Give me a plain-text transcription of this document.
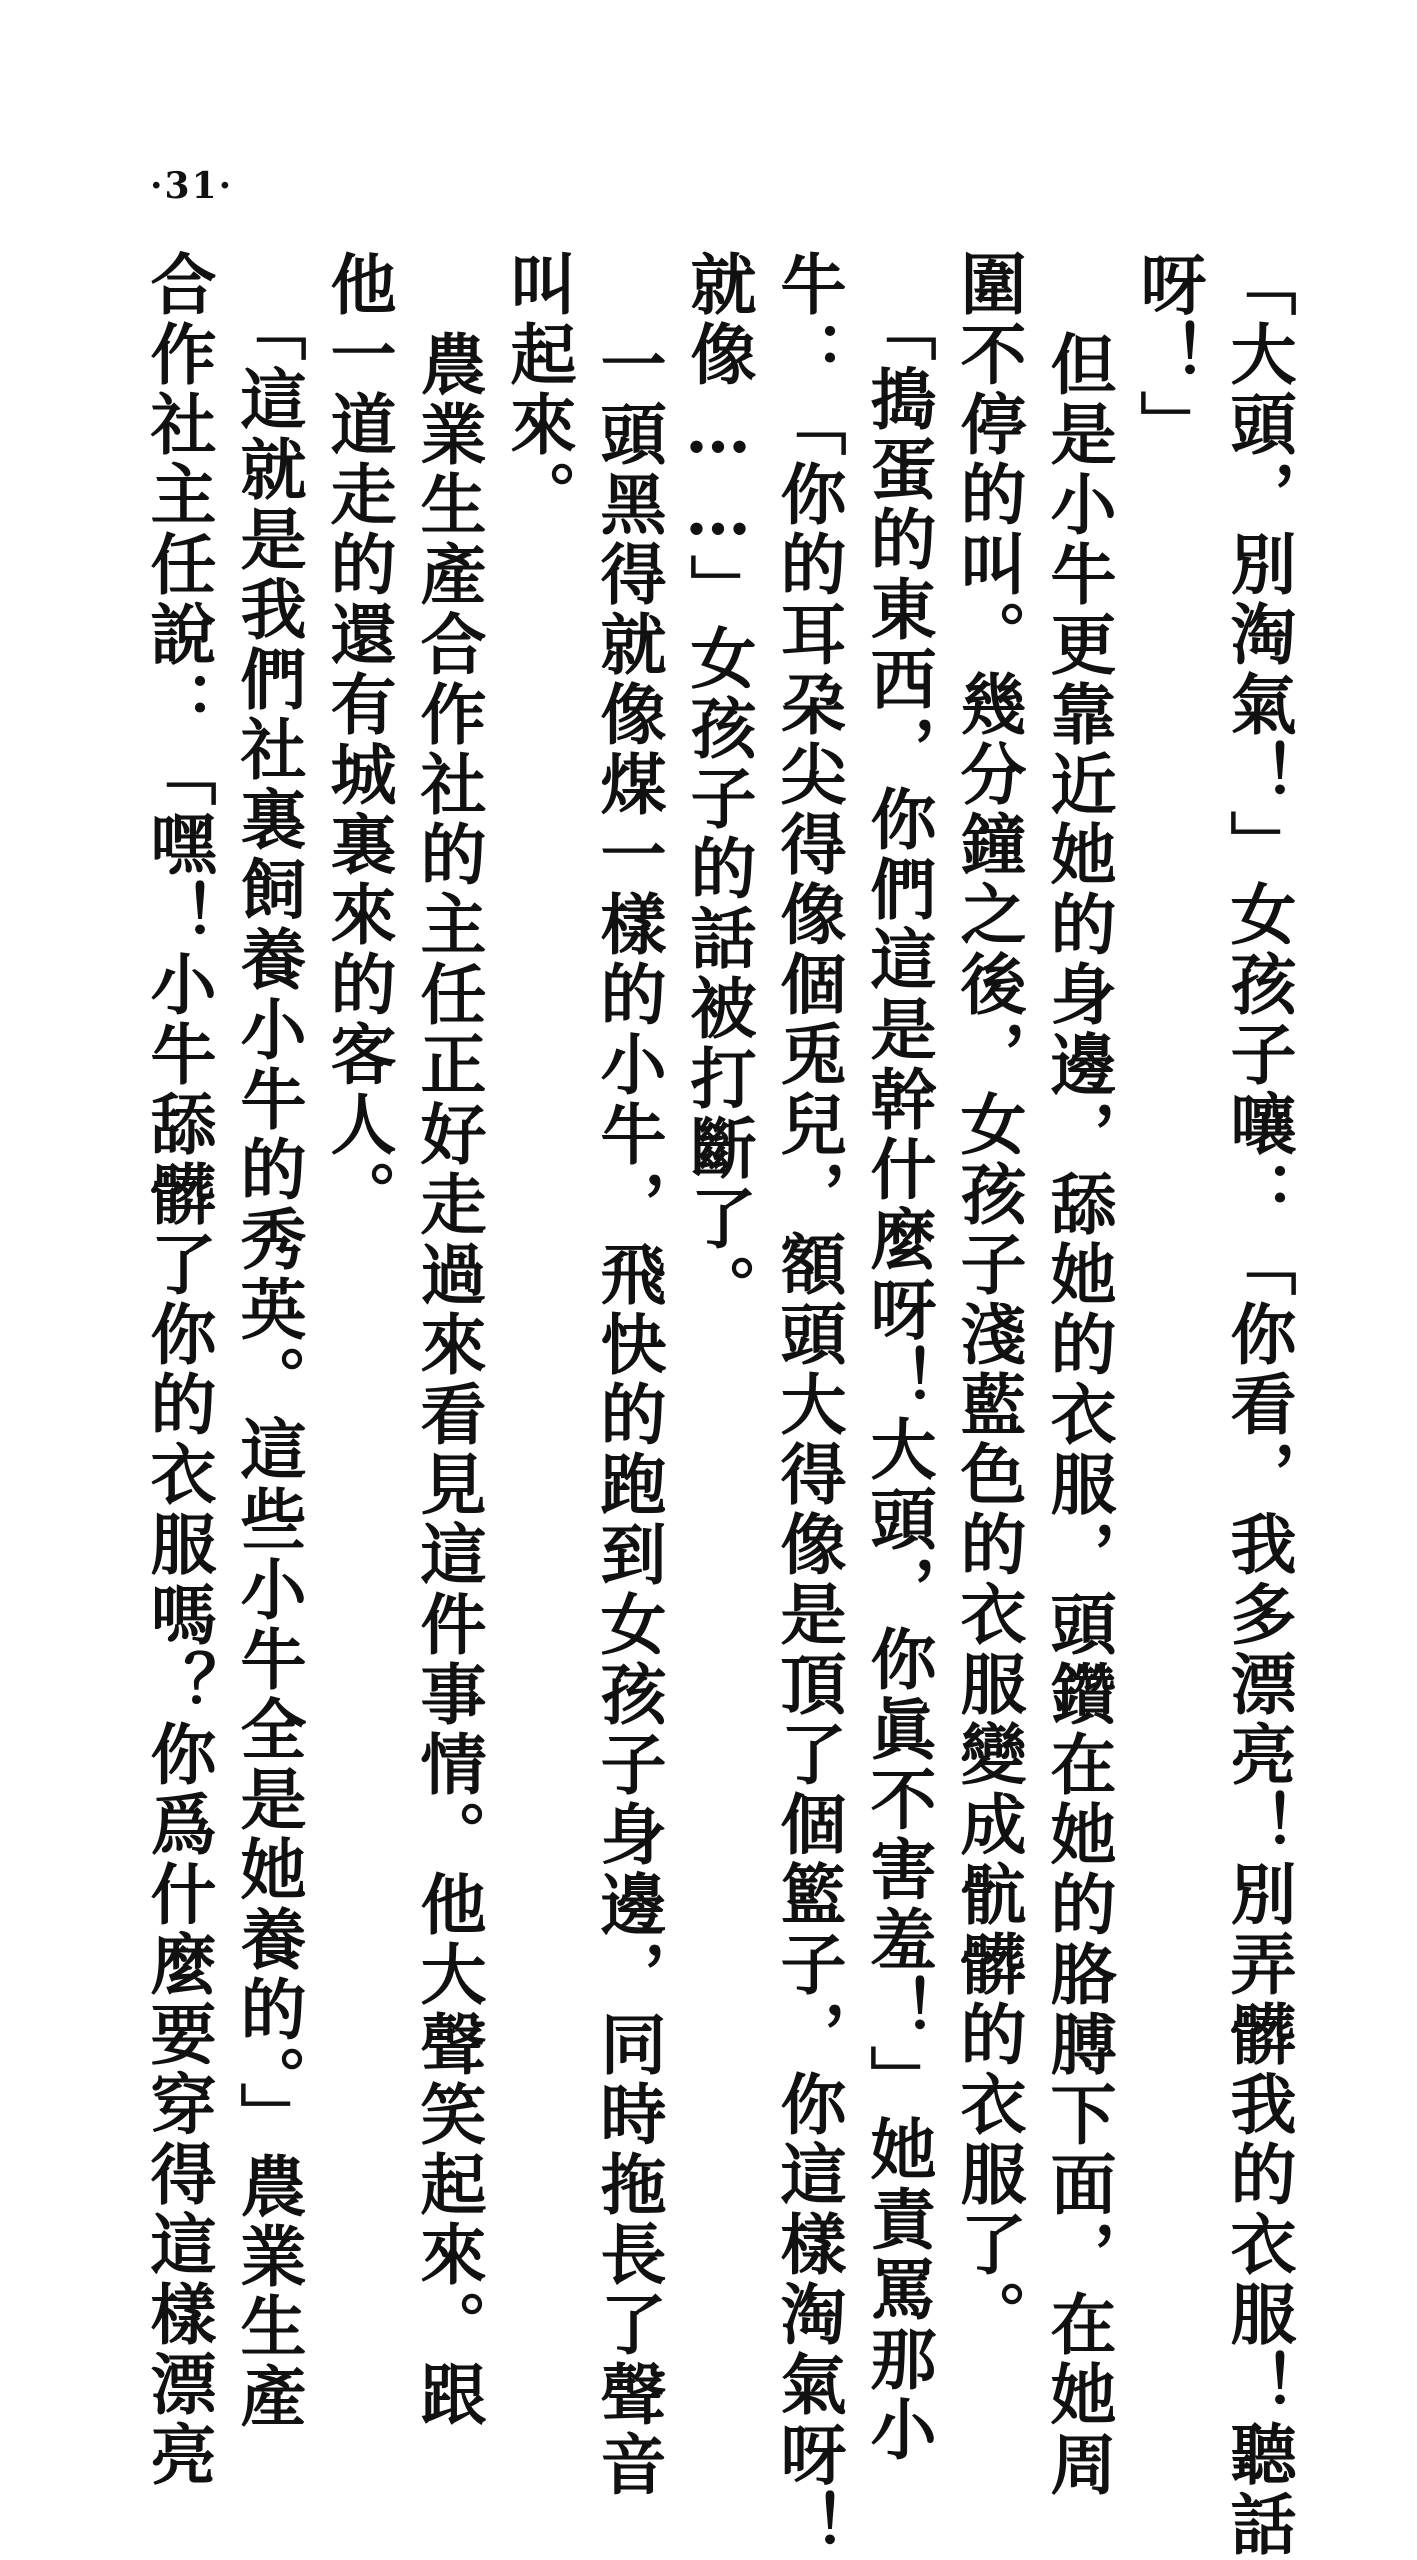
·31·
「大頭，別淘氣！」女孩子嚷：「你看，我多漂亮！別弄髒我的衣服！聽話
呀！」
但是小牛更靠近她的身邊，舔她的衣服，頭鑽在她的胳膊下面，在她周
圍不停的叫。幾分鐘之後，女孩子淺藍色的衣服變成骯髒的衣服了。
「搗蛋的東西，你們這是幹什麼呀！大頭，你眞不害羞！」她責罵那小
牛：「你的耳朶尖得像個兎兒，額頭大得像是頂了個籃子，你這樣淘氣呀！
就像……」女孩子的話被打斷了。
一頭黑得就像煤一樣的小牛，飛快的跑到女孩子身邊，同時拖長了聲音
叫起來。
農業生產合作社的主任正好走過來看見這件事情。他大聲笑起來。跟
他一道走的還有城裏來的客人。
「這就是我們社裏飼養小牛的秀英。這些小牛全是她養的。」農業生產
合作社主任說：「嘿！小牛舔髒了你的衣服嗎？你爲什麼要穿得這樣漂亮
